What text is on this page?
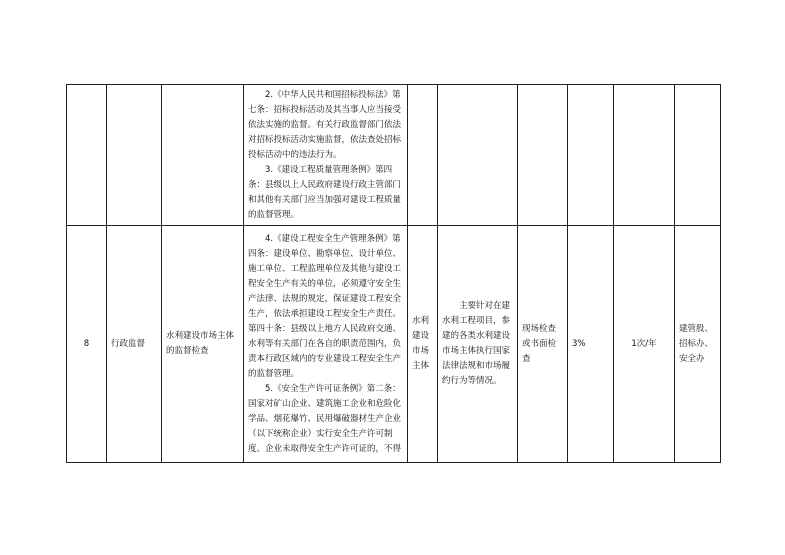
			2.《中华人民共和国招标投标法》第七条：招标投标活动及其当事人应当接受依法实施的监督。有关行政监督部门依法对招标投标活动实施监督，依法查处招标投标活动中的违法行为。

3.《建设工程质量管理条例》第四条：县级以上人民政府建设行政主管部门和其他有关部门应当加强对建设工程质量的监督管理。						

8	行政监督	水利建设市场主体的监督检查	4.《建设工程安全生产管理条例》第四条：建设单位、勘察单位、设计单位、施工单位、工程监理单位及其他与建设工程安全生产有关的单位，必须遵守安全生产法律、法规的规定，保证建设工程安全生产，依法承担建设工程安全生产责任。第四十条：县级以上地方人民政府交通、水利等有关部门在各自的职责范围内，负责本行政区域内的专业建设工程安全生产的监督管理。

5.《安全生产许可证条例》第二条：国家对矿山企业、建筑施工企业和危险化学品、烟花爆竹、民用爆破器材生产企业（以下统称企业）实行安全生产许可制度。企业未取得安全生产许可证的，不得	水利建设市场主体	主要针对在建水利工程项目，参建的各类水利建设市场主体执行国家法律法规和市场履约行为等情况。	现场检查或书面检查	3%	1次/年	建管股、招标办、安全办
